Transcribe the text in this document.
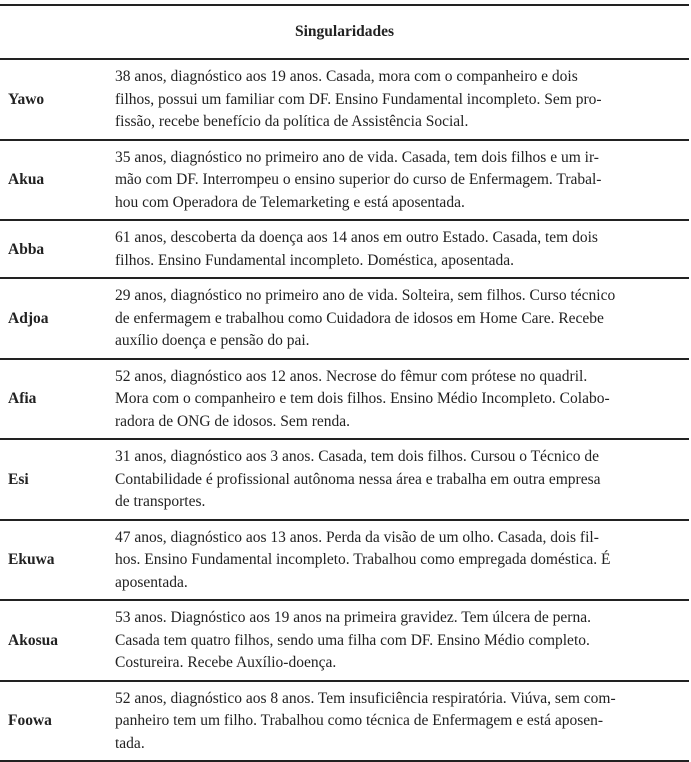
Singularidades
Yawo
38 anos, diagnóstico aos 19 anos. Casada, mora com o companheiro e dois
filhos, possui um familiar com DF. Ensino Fundamental incompleto. Sem pro-
fissão, recebe benefício da política de Assistência Social.
Akua
35 anos, diagnóstico no primeiro ano de vida. Casada, tem dois filhos e um ir-
mão com DF. Interrompeu o ensino superior do curso de Enfermagem. Trabal-
hou com Operadora de Telemarketing e está aposentada.
Abba
61 anos, descoberta da doença aos 14 anos em outro Estado. Casada, tem dois
filhos. Ensino Fundamental incompleto. Doméstica, aposentada.
Adjoa
29 anos, diagnóstico no primeiro ano de vida. Solteira, sem filhos. Curso técnico
de enfermagem e trabalhou como Cuidadora de idosos em Home Care. Recebe
auxílio doença e pensão do pai.
Afia
52 anos, diagnóstico aos 12 anos. Necrose do fêmur com prótese no quadril.
Mora com o companheiro e tem dois filhos. Ensino Médio Incompleto. Colabo-
radora de ONG de idosos. Sem renda.
Esi
31 anos, diagnóstico aos 3 anos. Casada, tem dois filhos. Cursou o Técnico de
Contabilidade é profissional autônoma nessa área e trabalha em outra empresa
de transportes.
Ekuwa
47 anos, diagnóstico aos 13 anos. Perda da visão de um olho. Casada, dois fil-
hos. Ensino Fundamental incompleto. Trabalhou como empregada doméstica. É
aposentada.
Akosua
53 anos. Diagnóstico aos 19 anos na primeira gravidez. Tem úlcera de perna.
Casada tem quatro filhos, sendo uma filha com DF. Ensino Médio completo.
Costureira. Recebe Auxílio-doença.
Foowa
52 anos, diagnóstico aos 8 anos. Tem insuficiência respiratória. Viúva, sem com-
panheiro tem um filho. Trabalhou como técnica de Enfermagem e está aposen-
tada.
